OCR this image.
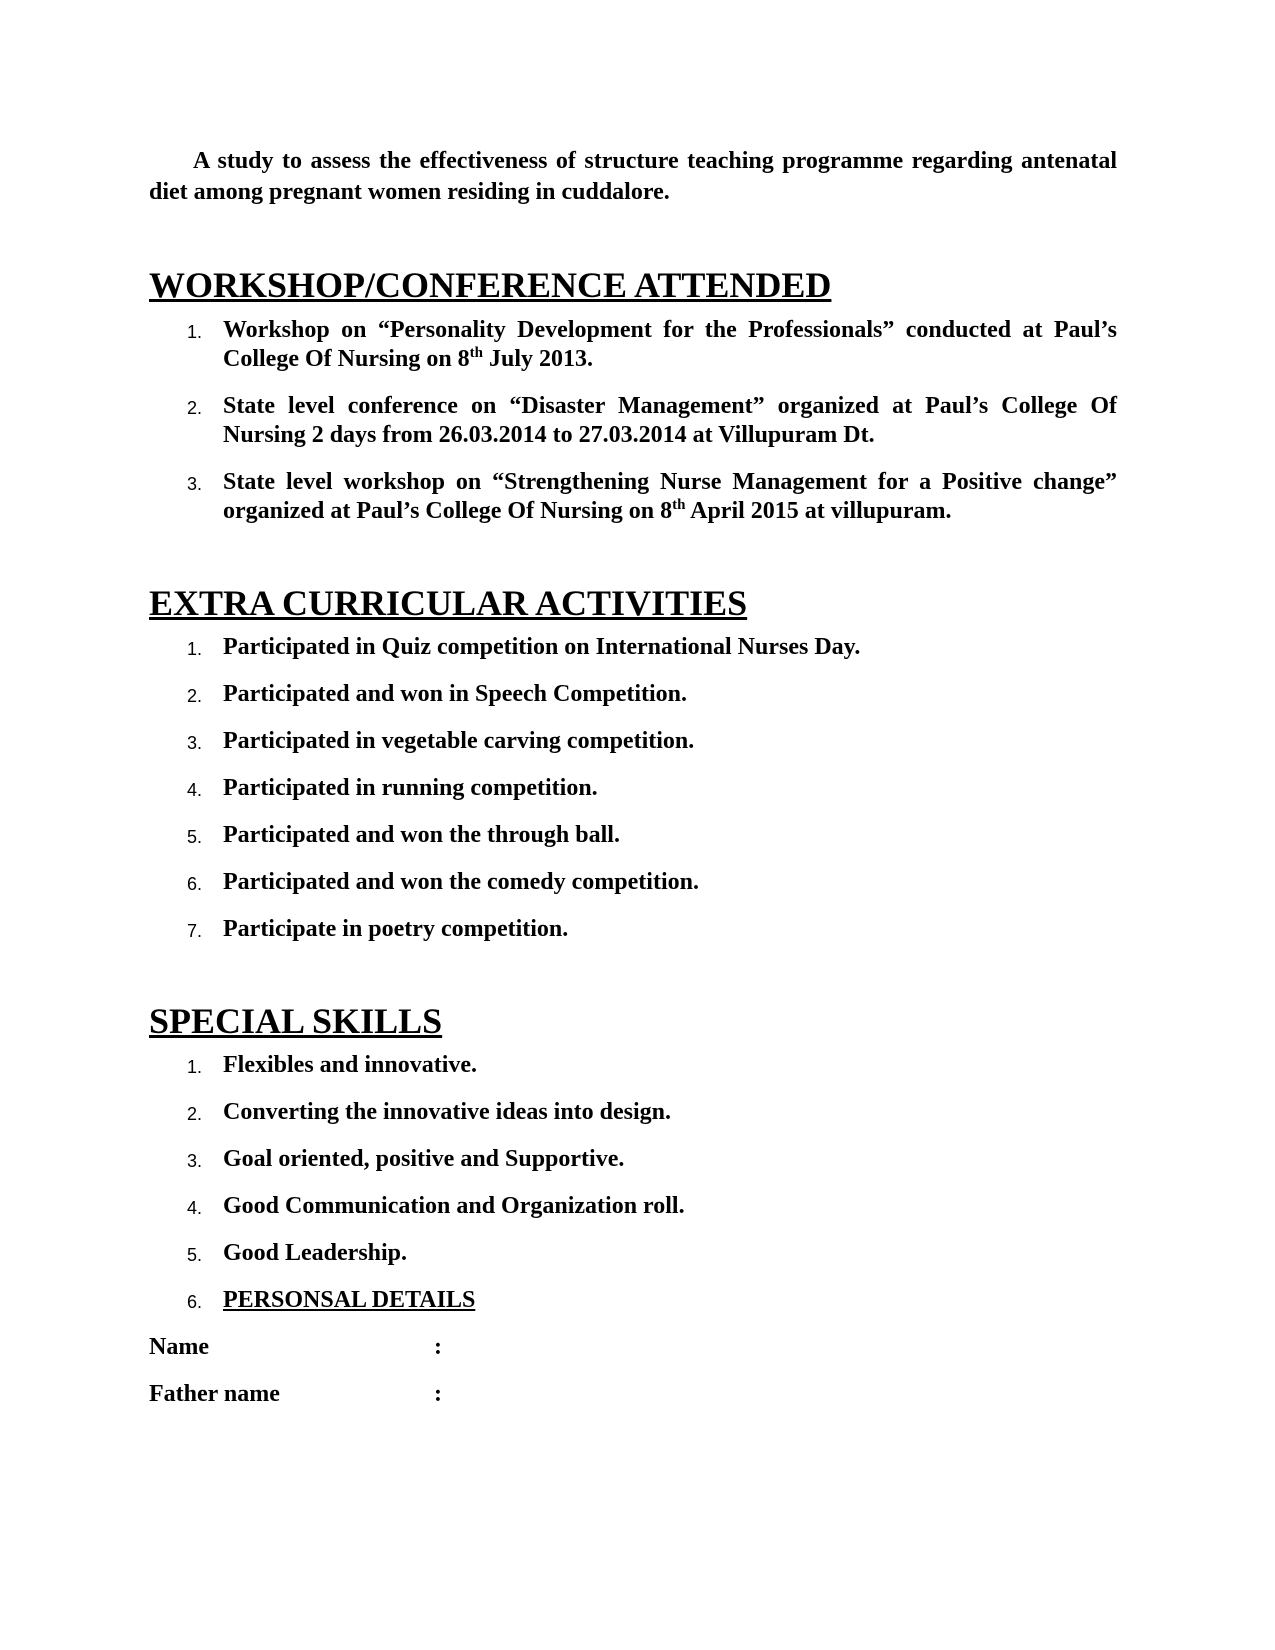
A study to assess the effectiveness of structure teaching programme regarding antenatal diet among pregnant women residing in cuddalore.

WORKSHOP/CONFERENCE ATTENDED
1. Workshop on “Personality Development for the Professionals” conducted at Paul’s College Of Nursing on 8th July 2013.
2. State level conference on “Disaster Management” organized at Paul’s College Of Nursing 2 days from 26.03.2014 to 27.03.2014 at Villupuram Dt.
3. State level workshop on “Strengthening Nurse Management for a Positive change” organized at Paul’s College Of Nursing on 8th April 2015 at villupuram.
EXTRA CURRICULAR ACTIVITIES
1. Participated in Quiz competition on International Nurses Day.
2. Participated and won in Speech Competition.
3. Participated in vegetable carving competition.
4. Participated in running competition.
5. Participated and won the through ball.
6. Participated and won the comedy competition.
7. Participate in poetry competition.
SPECIAL SKILLS
1. Flexibles and innovative.
2. Converting the innovative ideas into design.
3. Goal oriented, positive and Supportive.
4. Good Communication and Organization roll.
5. Good Leadership.
6. PERSONSAL DETAILS
Name	:
Father name	:
